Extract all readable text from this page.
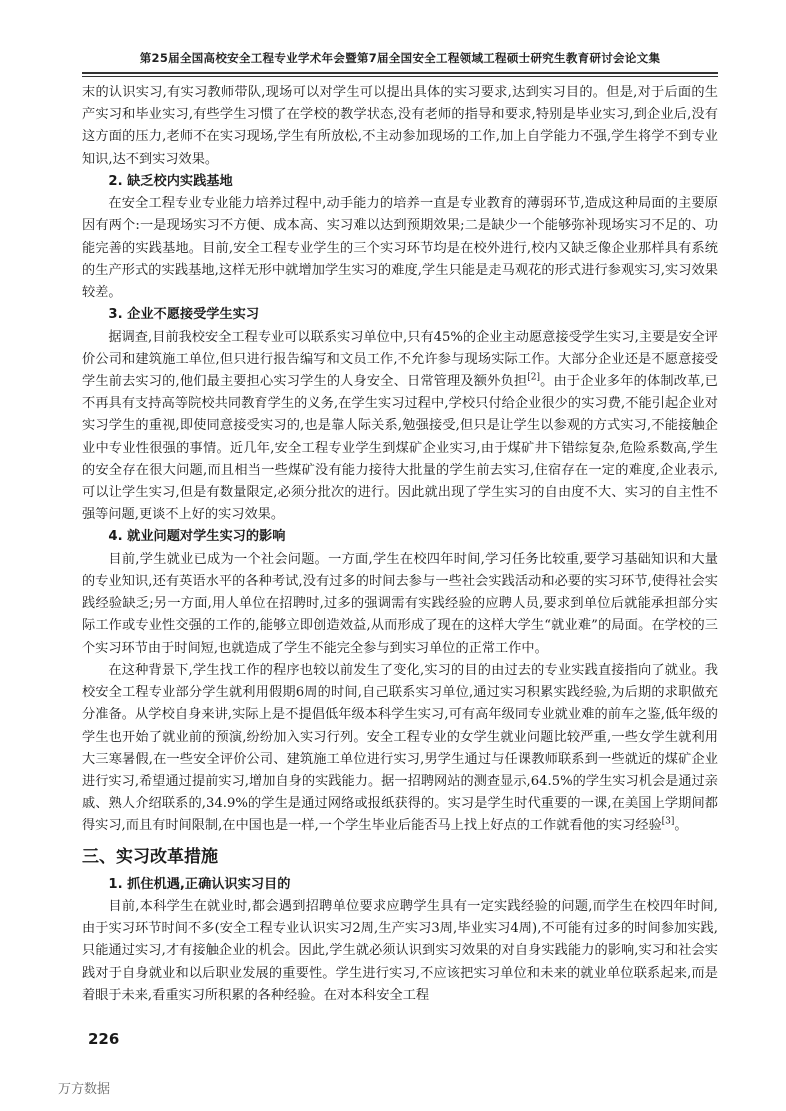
第25届全国高校安全工程专业学术年会暨第7届全国安全工程领域工程硕士研究生教育研讨会论文集

末的认识实习,有实习教师带队,现场可以对学生可以提出具体的实习要求,达到实习目的。但是,对于后面的生产实习和毕业实习,有些学生习惯了在学校的教学状态,没有老师的指导和要求,特别是毕业实习,到企业后,没有这方面的压力,老师不在实习现场,学生有所放松,不主动参加现场的工作,加上自学能力不强,学生将学不到专业知识,达不到实习效果。

2. 缺乏校内实践基地

在安全工程专业专业能力培养过程中,动手能力的培养一直是专业教育的薄弱环节,造成这种局面的主要原因有两个:一是现场实习不方便、成本高、实习难以达到预期效果;二是缺少一个能够弥补现场实习不足的、功能完善的实践基地。目前,安全工程专业学生的三个实习环节均是在校外进行,校内又缺乏像企业那样具有系统的生产形式的实践基地,这样无形中就增加学生实习的难度,学生只能是走马观花的形式进行参观实习,实习效果较差。

3. 企业不愿接受学生实习

据调查,目前我校安全工程专业可以联系实习单位中,只有45%的企业主动愿意接受学生实习,主要是安全评价公司和建筑施工单位,但只进行报告编写和文员工作,不允许参与现场实际工作。大部分企业还是不愿意接受学生前去实习的,他们最主要担心实习学生的人身安全、日常管理及额外负担[2]。由于企业多年的体制改革,已不再具有支持高等院校共同教育学生的义务,在学生实习过程中,学校只付给企业很少的实习费,不能引起企业对实习学生的重视,即使同意接受实习的,也是靠人际关系,勉强接受,但只是让学生以参观的方式实习,不能接触企业中专业性很强的事情。近几年,安全工程专业学生到煤矿企业实习,由于煤矿井下错综复杂,危险系数高,学生的安全存在很大问题,而且相当一些煤矿没有能力接待大批量的学生前去实习,住宿存在一定的难度,企业表示,可以让学生实习,但是有数量限定,必须分批次的进行。因此就出现了学生实习的自由度不大、实习的自主性不强等问题,更谈不上好的实习效果。

4. 就业问题对学生实习的影响

目前,学生就业已成为一个社会问题。一方面,学生在校四年时间,学习任务比较重,要学习基础知识和大量的专业知识,还有英语水平的各种考试,没有过多的时间去参与一些社会实践活动和必要的实习环节,使得社会实践经验缺乏;另一方面,用人单位在招聘时,过多的强调需有实践经验的应聘人员,要求到单位后就能承担部分实际工作或专业性交强的工作的,能够立即创造效益,从而形成了现在的这样大学生“就业难”的局面。在学校的三个实习环节由于时间短,也就造成了学生不能完全参与到实习单位的正常工作中。

在这种背景下,学生找工作的程序也较以前发生了变化,实习的目的由过去的专业实践直接指向了就业。我校安全工程专业部分学生就利用假期6周的时间,自己联系实习单位,通过实习积累实践经验,为后期的求职做充分准备。从学校自身来讲,实际上是不提倡低年级本科学生实习,可有高年级同专业就业难的前车之鉴,低年级的学生也开始了就业前的预演,纷纷加入实习行列。安全工程专业的女学生就业问题比较严重,一些女学生就利用大三寒暑假,在一些安全评价公司、建筑施工单位进行实习,男学生通过与任课教师联系到一些就近的煤矿企业进行实习,希望通过提前实习,增加自身的实践能力。据一招聘网站的测查显示,64.5%的学生实习机会是通过亲戚、熟人介绍联系的,34.9%的学生是通过网络或报纸获得的。实习是学生时代重要的一课,在美国上学期间都得实习,而且有时间限制,在中国也是一样,一个学生毕业后能否马上找上好点的工作就看他的实习经验[3]。

三、实习改革措施

1. 抓住机遇,正确认识实习目的

目前,本科学生在就业时,都会遇到招聘单位要求应聘学生具有一定实践经验的问题,而学生在校四年时间,由于实习环节时间不多(安全工程专业认识实习2周,生产实习3周,毕业实习4周),不可能有过多的时间参加实践,只能通过实习,才有接触企业的机会。因此,学生就必须认识到实习效果的对自身实践能力的影响,实习和社会实践对于自身就业和以后职业发展的重要性。学生进行实习,不应该把实习单位和未来的就业单位联系起来,而是着眼于未来,看重实习所积累的各种经验。在对本科安全工程

226
万方数据
